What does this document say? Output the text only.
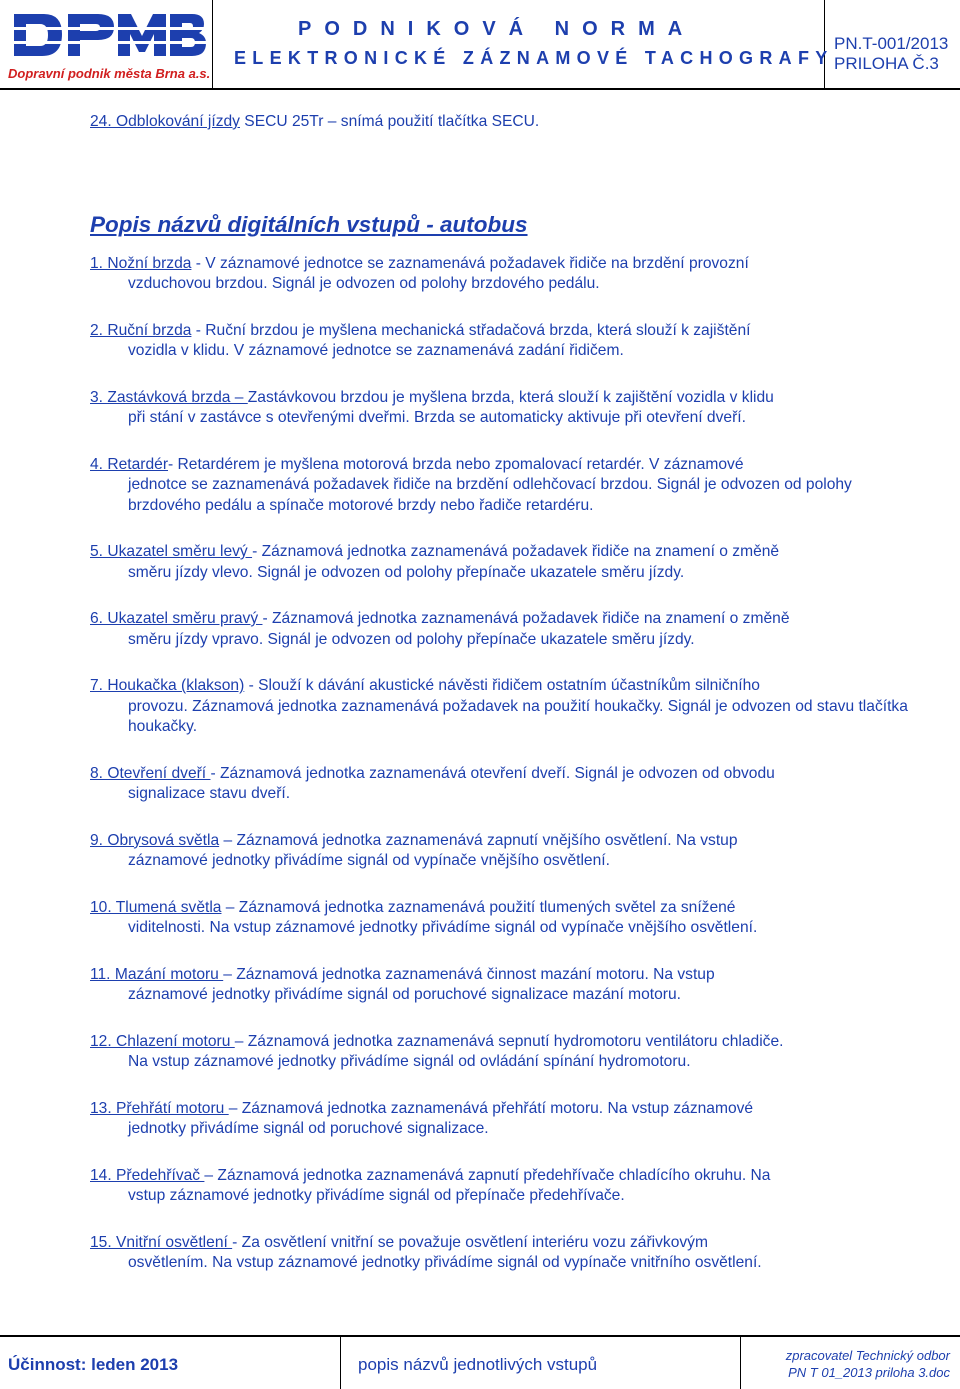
Dopravní podnik města Brna a.s.
PODNIKOVÁ NORMA
ELEKTRONICKÉ ZÁZNAMOVÉ TACHOGRAFY
PN.T-001/2013
PRILOHA Č.3
24. Odblokování jízdy SECU 25Tr – snímá použití tlačítka SECU.
Popis názvů digitálních vstupů - autobus
1. Nožní brzda - V záznamové jednotce se zaznamenává požadavek řidiče na brzdění provozní
vzduchovou brzdou. Signál je odvozen od polohy brzdového pedálu.
2. Ruční brzda - Ruční brzdou je myšlena mechanická střadačová brzda, která slouží k zajištění
vozidla v klidu. V záznamové jednotce se zaznamenává zadání řidičem.
3. Zastávková brzda – Zastávkovou brzdou je myšlena brzda, která slouží k zajištění vozidla v klidu
při stání v zastávce s otevřenými dveřmi. Brzda se automaticky aktivuje při otevření dveří.
4. Retardér- Retardérem je myšlena motorová brzda nebo zpomalovací retardér. V záznamové
jednotce se zaznamenává požadavek řidiče na brzdění odlehčovací brzdou. Signál je odvozen od polohy brzdového pedálu a spínače motorové brzdy nebo řadiče retardéru.
5. Ukazatel směru levý - Záznamová jednotka zaznamenává požadavek řidiče na znamení o změně
směru jízdy vlevo. Signál je odvozen od polohy přepínače ukazatele směru jízdy.
6. Ukazatel směru pravý - Záznamová jednotka zaznamenává požadavek řidiče na znamení o změně
směru jízdy vpravo. Signál je odvozen od polohy přepínače ukazatele směru jízdy.
7. Houkačka (klakson) - Slouží k dávání akustické návěsti řidičem ostatním účastníkům silničního
provozu. Záznamová jednotka zaznamenává požadavek na použití houkačky. Signál je odvozen od stavu tlačítka houkačky.
8. Otevření dveří - Záznamová jednotka zaznamenává otevření dveří. Signál je odvozen od obvodu
signalizace stavu dveří.
9. Obrysová světla – Záznamová jednotka zaznamenává zapnutí vnějšího osvětlení. Na vstup
záznamové jednotky přivádíme signál od vypínače vnějšího osvětlení.
10. Tlumená světla – Záznamová jednotka zaznamenává použití tlumených světel za snížené
viditelnosti. Na vstup záznamové jednotky přivádíme signál od vypínače vnějšího osvětlení.
11. Mazání motoru – Záznamová jednotka zaznamenává činnost mazání motoru. Na vstup
záznamové jednotky přivádíme signál od poruchové signalizace mazání motoru.
12. Chlazení motoru – Záznamová jednotka zaznamenává sepnutí hydromotoru ventilátoru chladiče.
Na vstup záznamové jednotky přivádíme signál od ovládání spínání hydromotoru.
13. Přehřátí motoru – Záznamová jednotka zaznamenává přehřátí motoru. Na vstup záznamové
jednotky přivádíme signál od poruchové signalizace.
14. Předehřívač – Záznamová jednotka zaznamenává zapnutí předehřívače chladícího okruhu. Na
vstup záznamové jednotky přivádíme signál od přepínače předehřívače.
15. Vnitřní osvětlení - Za osvětlení vnitřní se považuje osvětlení interiéru vozu zářivkovým
osvětlením. Na vstup záznamové jednotky přivádíme signál od vypínače vnitřního osvětlení.
Účinnost: leden 2013	popis názvů jednotlivých vstupů	zpracovatel Technický odbor
PN T 01_2013 priloha 3.doc
